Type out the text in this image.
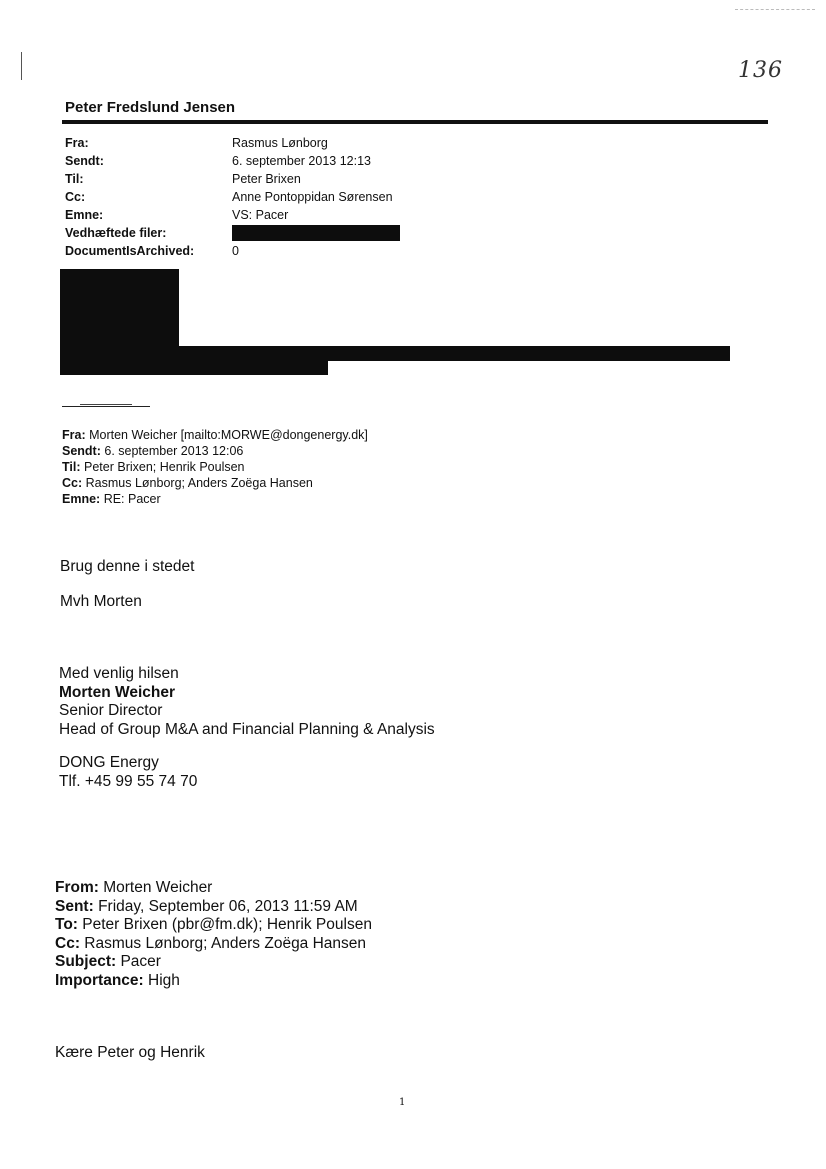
136
Peter Fredslund Jensen
Fra:	Rasmus Lønborg
Sendt:	6. september 2013 12:13
Til:	Peter Brixen
Cc:	Anne Pontoppidan Sørensen
Emne:	VS: Pacer
Vedhæftede filer:
DocumentIsArchived:	0
Fra: Morten Weicher [mailto:MORWE@dongenergy.dk]
Sendt: 6. september 2013 12:06
Til: Peter Brixen; Henrik Poulsen
Cc: Rasmus Lønborg; Anders Zoëga Hansen
Emne: RE: Pacer
Brug denne i stedet
Mvh Morten
Med venlig hilsen
Morten Weicher
Senior Director
Head of Group M&A and Financial Planning & Analysis
DONG Energy
Tlf. +45 99 55 74 70
From: Morten Weicher
Sent: Friday, September 06, 2013 11:59 AM
To: Peter Brixen (pbr@fm.dk); Henrik Poulsen
Cc: Rasmus Lønborg; Anders Zoëga Hansen
Subject: Pacer
Importance: High
Kære Peter og Henrik
1
